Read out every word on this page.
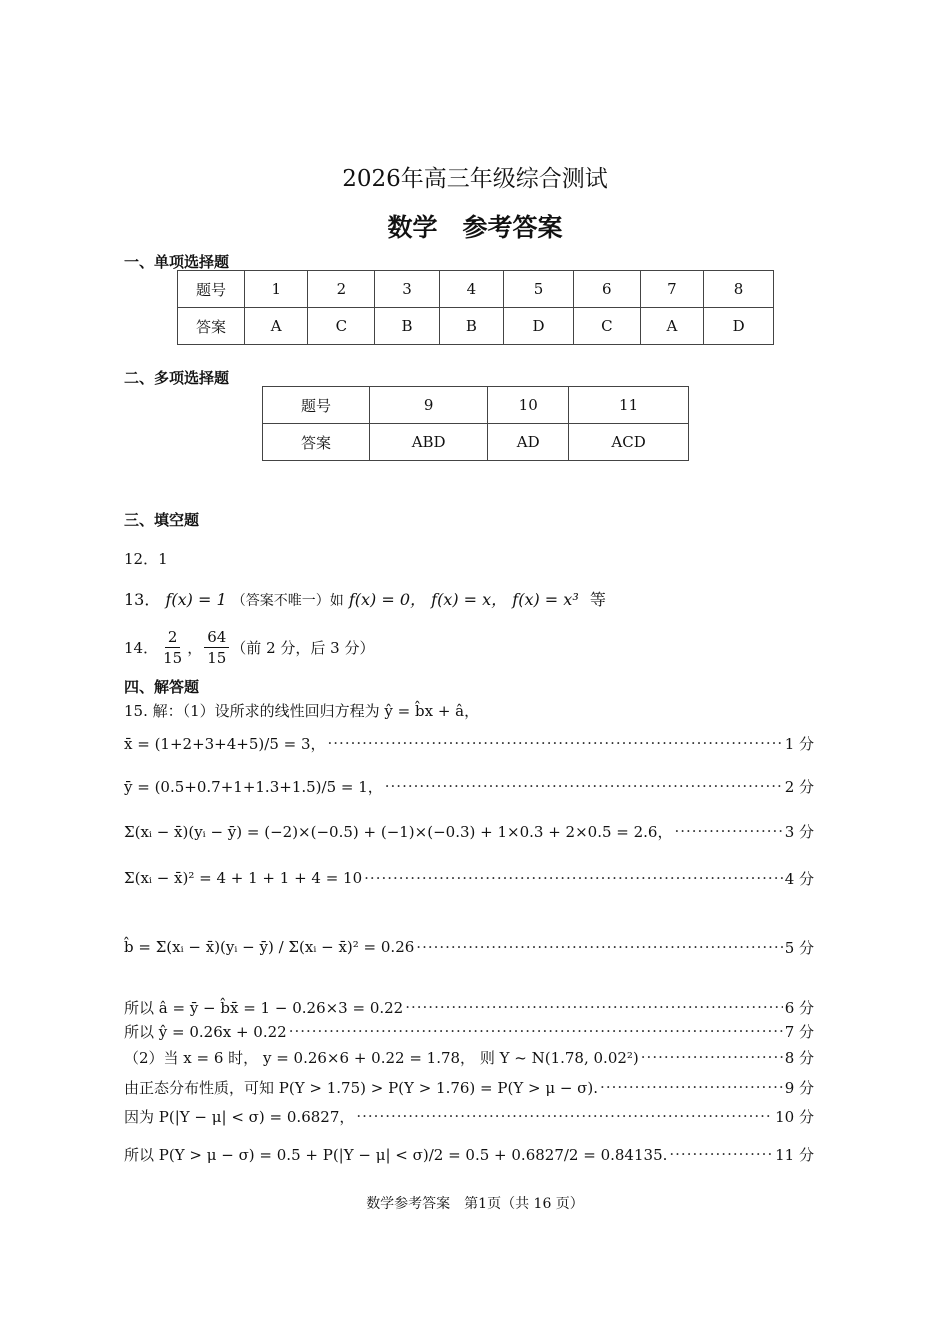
2026年高三年级综合测试
数学　参考答案
一、单项选择题
题号	1	2	3	4	5	6	7	8
答案	A	C	B	B	D	C	A	D
二、多项选择题
题号	9	10	11
答案	ABD	AD	ACD
三、填空题
12．1
13． f(x) = 1 （答案不唯一）如 f(x) = 0， f(x) = x， f(x) = x³ 等
14． $\frac{2}{15}$ ， $\frac{64}{15}$ （前 2 分，后 3 分）
四、解答题
15. 解：（1）设所求的线性回归方程为 ŷ = b̂x + â，
x̄ = (1+2+3+4+5)/5 = 3， ·····	1 分
ȳ = (0.5+0.7+1+1.3+1.5)/5 = 1， ·····	2 分
Σ(xᵢ − x̄)(yᵢ − ȳ) = (−2)×(−0.5) + (−1)×(−0.3) + 1×0.3 + 2×0.5 = 2.6， ·····	3 分
Σ(xᵢ − x̄)² = 4 + 1 + 1 + 4 = 10 ·····	4 分
b̂ = Σ(xᵢ − x̄)(yᵢ − ȳ) / Σ(xᵢ − x̄)² = 0.26 ·····	5 分
所以 â = ȳ − b̂x̄ = 1 − 0.26×3 = 0.22 ·····	6 分
所以 ŷ = 0.26x + 0.22 ·····	7 分
（2）当 x = 6 时， y = 0.26×6 + 0.22 = 1.78， 则 Y ~ N(1.78, 0.02²) ·····	8 分
由正态分布性质，可知 P(Y > 1.75) > P(Y > 1.76) = P(Y > μ − σ). ·····	9 分
因为 P(|Y − μ| < σ) = 0.6827， ·····	10 分
所以 P(Y > μ − σ) = 0.5 + P(|Y − μ| < σ)/2 = 0.5 + 0.6827/2 = 0.84135. ·····	11 分
数学参考答案　第1页（共 16 页）
